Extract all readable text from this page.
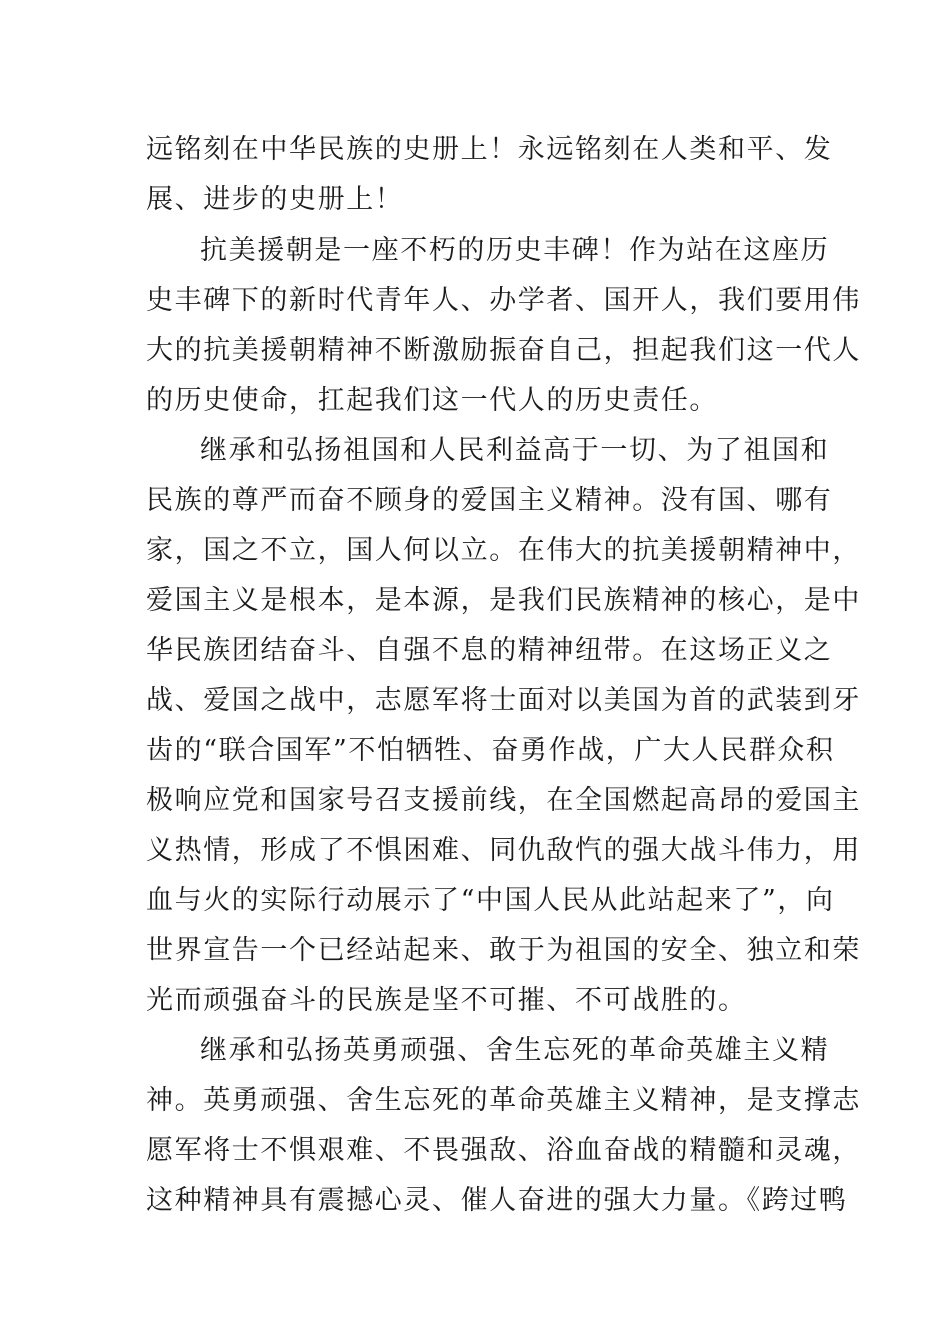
远铭刻在中华民族的史册上！永远铭刻在人类和平、发
展、进步的史册上！
抗美援朝是一座不朽的历史丰碑！作为站在这座历
史丰碑下的新时代青年人、办学者、国开人，我们要用伟
大的抗美援朝精神不断激励振奋自己，担起我们这一代人
的历史使命，扛起我们这一代人的历史责任。
继承和弘扬祖国和人民利益高于一切、为了祖国和
民族的尊严而奋不顾身的爱国主义精神。没有国、哪有
家，国之不立，国人何以立。在伟大的抗美援朝精神中，
爱国主义是根本，是本源，是我们民族精神的核心，是中
华民族团结奋斗、自强不息的精神纽带。在这场正义之
战、爱国之战中，志愿军将士面对以美国为首的武装到牙
齿的“联合国军”不怕牺牲、奋勇作战，广大人民群众积
极响应党和国家号召支援前线，在全国燃起高昂的爱国主
义热情，形成了不惧困难、同仇敌忾的强大战斗伟力，用
血与火的实际行动展示了“中国人民从此站起来了”，向
世界宣告一个已经站起来、敢于为祖国的安全、独立和荣
光而顽强奋斗的民族是坚不可摧、不可战胜的。
继承和弘扬英勇顽强、舍生忘死的革命英雄主义精
神。英勇顽强、舍生忘死的革命英雄主义精神，是支撑志
愿军将士不惧艰难、不畏强敌、浴血奋战的精髓和灵魂，
这种精神具有震撼心灵、催人奋进的强大力量。《跨过鸭
